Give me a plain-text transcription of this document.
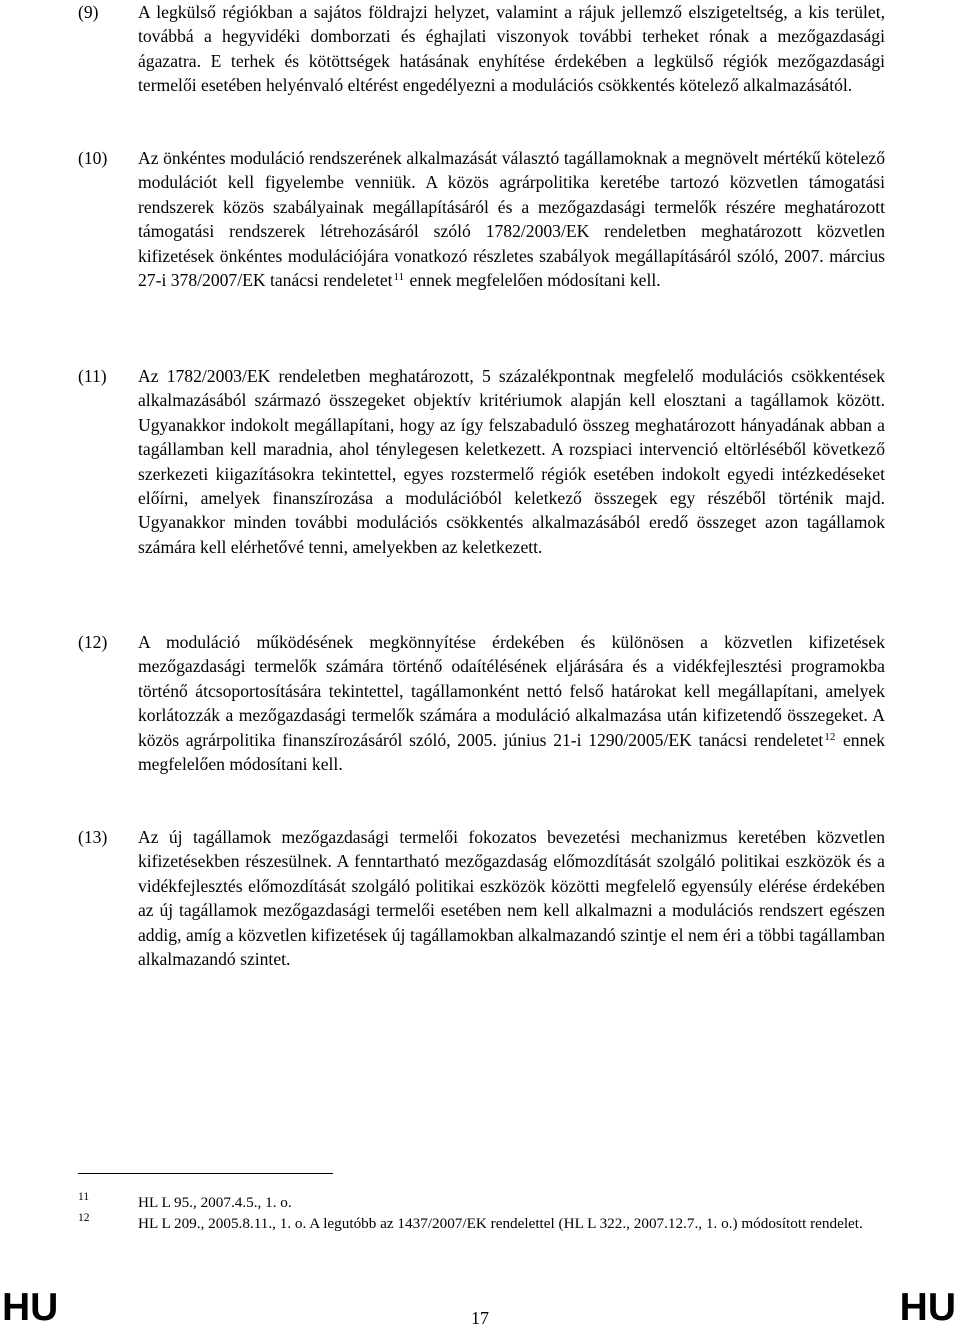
(9) A legkülső régiókban a sajátos földrajzi helyzet, valamint a rájuk jellemző elszigeteltség, a kis terület, továbbá a hegyvidéki domborzati és éghajlati viszonyok további terheket rónak a mezőgazdasági ágazatra. E terhek és kötöttségek hatásának enyhítése érdekében a legkülső régiók mezőgazdasági termelői esetében helyénvaló eltérést engedélyezni a modulációs csökkentés kötelező alkalmazásától.
(10) Az önkéntes moduláció rendszerének alkalmazását választó tagállamoknak a megnövelt mértékű kötelező modulációt kell figyelembe venniük. A közös agrárpolitika keretébe tartozó közvetlen támogatási rendszerek közös szabályainak megállapításáról és a mezőgazdasági termelők részére meghatározott támogatási rendszerek létrehozásáról szóló 1782/2003/EK rendeletben meghatározott közvetlen kifizetések önkéntes modulációjára vonatkozó részletes szabályok megállapításáról szóló, 2007. március 27-i 378/2007/EK tanácsi rendeletet$^{11}$ ennek megfelelően módosítani kell.
(11) Az 1782/2003/EK rendeletben meghatározott, 5 százalékpontnak megfelelő modulációs csökkentések alkalmazásából származó összegeket objektív kritériumok alapján kell elosztani a tagállamok között. Ugyanakkor indokolt megállapítani, hogy az így felszabaduló összeg meghatározott hányadának abban a tagállamban kell maradnia, ahol ténylegesen keletkezett. A rozspiaci intervenció eltörléséből következő szerkezeti kiigazításokra tekintettel, egyes rozstermelő régiók esetében indokolt egyedi intézkedéseket előírni, amelyek finanszírozása a modulációból keletkező összegek egy részéből történik majd. Ugyanakkor minden további modulációs csökkentés alkalmazásából eredő összeget azon tagállamok számára kell elérhetővé tenni, amelyekben az keletkezett.
(12) A moduláció működésének megkönnyítése érdekében és különösen a közvetlen kifizetések mezőgazdasági termelők számára történő odaítélésének eljárására és a vidékfejlesztési programokba történő átcsoportosítására tekintettel, tagállamonként nettó felső határokat kell megállapítani, amelyek korlátozzák a mezőgazdasági termelők számára a moduláció alkalmazása után kifizetendő összegeket. A közös agrárpolitika finanszírozásáról szóló, 2005. június 21-i 1290/2005/EK tanácsi rendeletet$^{12}$ ennek megfelelően módosítani kell.
(13) Az új tagállamok mezőgazdasági termelői fokozatos bevezetési mechanizmus keretében közvetlen kifizetésekben részesülnek. A fenntartható mezőgazdaság előmozdítását szolgáló politikai eszközök és a vidékfejlesztés előmozdítását szolgáló politikai eszközök közötti megfelelő egyensúly elérése érdekében az új tagállamok mezőgazdasági termelői esetében nem kell alkalmazni a modulációs rendszert egészen addig, amíg a közvetlen kifizetések új tagállamokban alkalmazandó szintje el nem éri a többi tagállamban alkalmazandó szintet.
11	HL L 95., 2007.4.5., 1. o.
12	HL L 209., 2005.8.11., 1. o. A legutóbb az 1437/2007/EK rendelettel (HL L 322., 2007.12.7., 1. o.) módosított rendelet.
HU	17	HU
